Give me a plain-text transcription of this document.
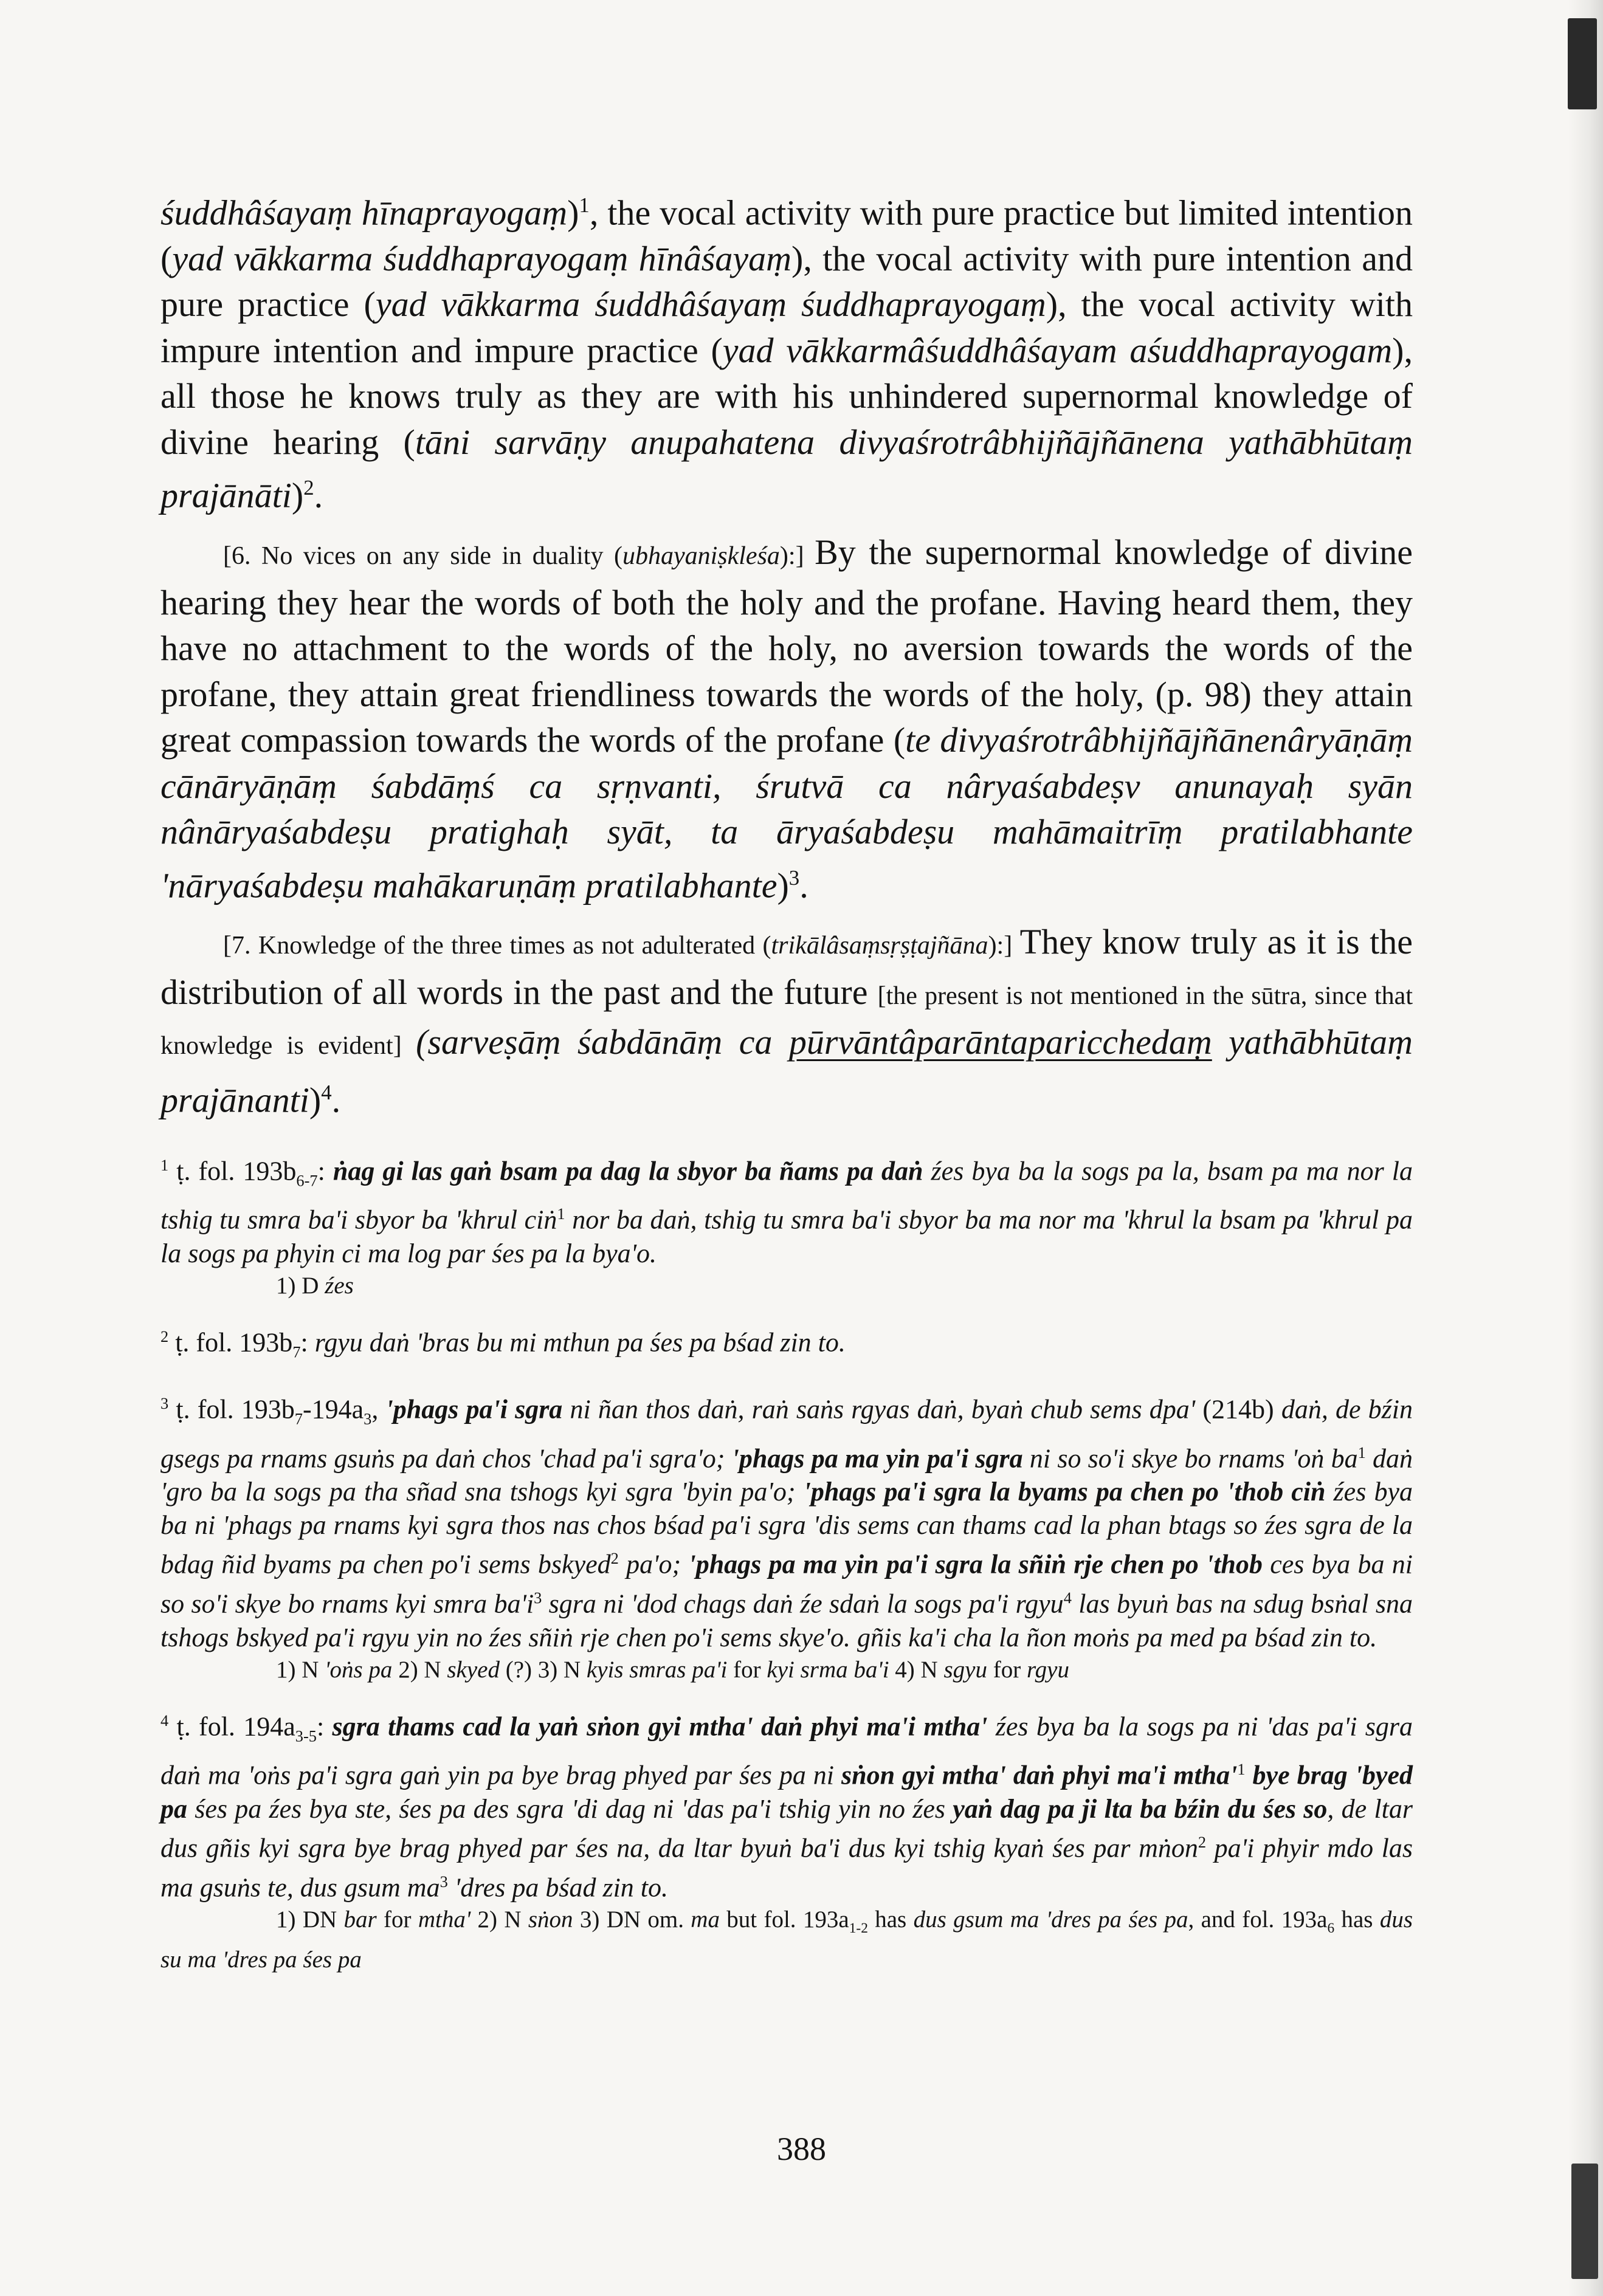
śuddhâśayaṃ hīnaprayogaṃ)$^1$, the vocal activity with pure practice but limited intention (yad vākkarma śuddhaprayogaṃ hīnâśayaṃ), the vocal activity with pure intention and pure practice (yad vākkarma śuddhâśayaṃ śuddhaprayogaṃ), the vocal activity with impure intention and impure practice (yad vākkarmâśuddhâśayam aśuddhaprayogam), all those he knows truly as they are with his unhindered supernormal knowledge of divine hearing (tāni sarvāṇy anupahatena divyaśrotrâbhijñājñānena yathābhūtaṃ prajānāti)$^2$.

[6. No vices on any side in duality (ubhayaniṣkleśa):] By the supernormal knowledge of divine hearing they hear the words of both the holy and the profane. Having heard them, they have no attachment to the words of the holy, no aversion towards the words of the profane, they attain great friendliness towards the words of the holy, (p. 98) they attain great compassion towards the words of the profane (te divyaśrotrâbhijñājñānenâryāṇāṃ cānāryāṇāṃ śabdāṃś ca sṛṇvanti, śrutvā ca nâryaśabdeṣv anunayaḥ syān nânāryaśabdeṣu pratighaḥ syāt, ta āryaśabdeṣu mahāmaitrīṃ pratilabhante 'nāryaśabdeṣu mahākaruṇāṃ pratilabhante)$^3$.

[7. Knowledge of the three times as not adulterated (trikālâsaṃsṛṣṭajñāna):] They know truly as it is the distribution of all words in the past and the future [the present is not mentioned in the sūtra, since that knowledge is evident] (sarveṣāṃ śabdānāṃ ca pūrvāntâparāntaparicchedaṃ yathābhūtaṃ prajānanti)$^4$.

$^1$ ṭ. fol. $193b_{6-7}$: ṅag gi las gaṅ bsam pa dag la sbyor ba ñams pa daṅ źes bya ba la sogs pa la, bsam pa ma nor la tshig tu smra ba'i sbyor ba 'khrul ciṅ$^1$ nor ba daṅ, tshig tu smra ba'i sbyor ba ma nor ma 'khrul la bsam pa 'khrul pa la sogs pa phyin ci ma log par śes pa la bya'o.

1) D źes

$^2$ ṭ. fol. $193b_7$: rgyu daṅ 'bras bu mi mthun pa śes pa bśad zin to.

$^3$ ṭ. fol. $193b_7-194a_3$, 'phags pa'i sgra ni ñan thos daṅ, raṅ saṅs rgyas daṅ, byaṅ chub sems dpa' (214b) daṅ, de bźin gsegs pa rnams gsuṅs pa daṅ chos 'chad pa'i sgra'o; 'phags pa ma yin pa'i sgra ni so so'i skye bo rnams 'oṅ $ba^1$ daṅ 'gro ba la sogs pa tha sñad sna tshogs kyi sgra 'byin pa'o; 'phags pa'i sgra la byams pa chen po 'thob ciṅ źes bya ba ni 'phags pa rnams kyi sgra thos nas chos bśad pa'i sgra 'dis sems can thams cad la phan btags so źes sgra de la bdag ñid byams pa chen po'i sems bskyed$^2$ pa'o; 'phags pa ma yin pa'i sgra la sñiṅ rje chen po 'thob ces bya ba ni so so'i skye bo rnams kyi smra $ba'i^3$ sgra ni 'dod chags daṅ źe sdaṅ la sogs pa'i rgyu$^4$ las byuṅ bas na sdug bsṅal sna tshogs bskyed pa'i rgyu yin no źes sñiṅ rje chen po'i sems skye'o. gñis ka'i cha la ñon moṅs pa med pa bśad zin to.

1) N 'oṅs pa 2) N skyed (?) 3) N kyis smras pa'i for kyi srma ba'i 4) N sgyu for rgyu

$^4$ ṭ. fol. $194a_{3-5}$: sgra thams cad la yaṅ sṅon gyi mtha' daṅ phyi ma'i mtha' źes bya ba la sogs pa ni 'das pa'i sgra daṅ ma 'oṅs pa'i sgra gaṅ yin pa bye brag phyed par śes pa ni sṅon gyi mtha' daṅ phyi ma'i $mtha'^1$ bye brag 'byed pa śes pa źes bya ste, śes pa des sgra 'di dag ni 'das pa'i tshig yin no źes yaṅ dag pa ji lta ba bźin du śes so, de ltar dus gñis kyi sgra bye brag phyed par śes na, da ltar byuṅ ba'i dus kyi tshig kyaṅ śes par mṅon$^2$ pa'i phyir mdo las ma gsuṅs te, dus gsum $ma^3$ 'dres pa bśad zin to.

1) DN bar for mtha' 2) N sṅon 3) DN om. ma but fol. $193a_{1-2}$ has dus gsum ma 'dres pa śes pa, and fol. $193a_6$ has dus su ma 'dres pa śes pa

388
